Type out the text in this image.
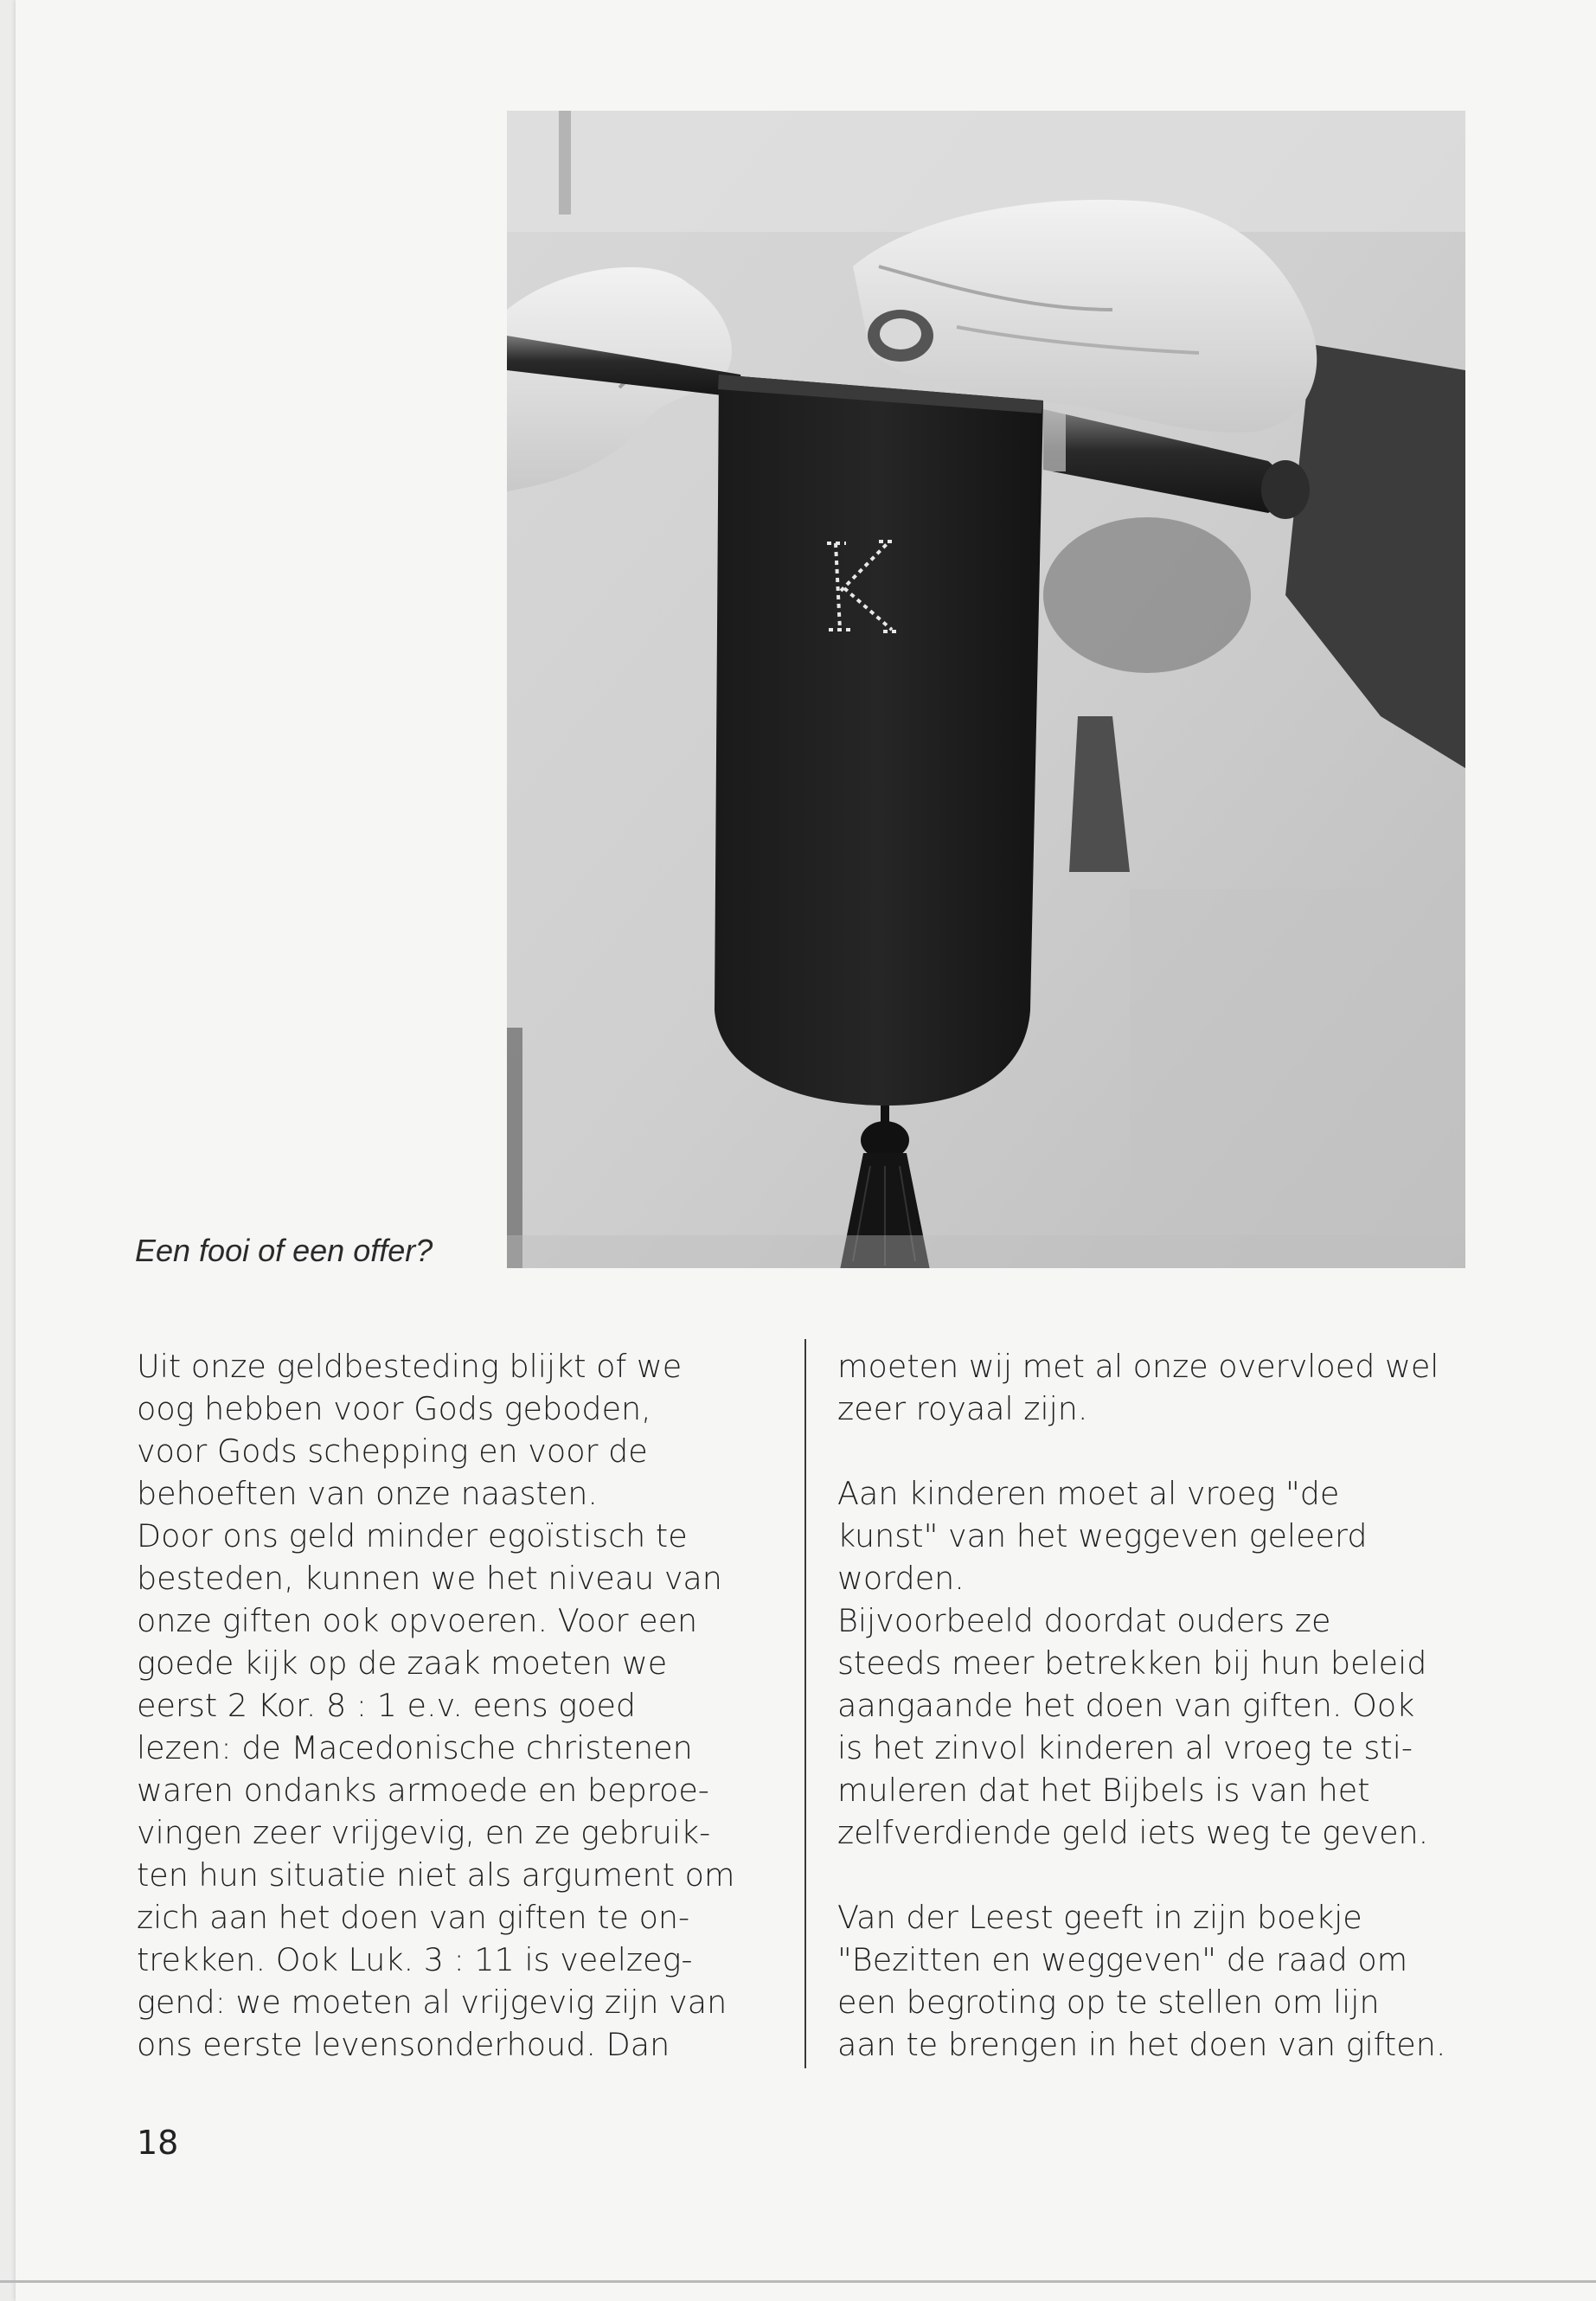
Een fooi of een offer?
Uit onze geldbesteding blijkt of we
oog hebben voor Gods geboden,
voor Gods schepping en voor de
behoeften van onze naasten.
Door ons geld minder egoïstisch te
besteden, kunnen we het niveau van
onze giften ook opvoeren. Voor een
goede kijk op de zaak moeten we
eerst 2 Kor. 8 : 1 e.v. eens goed
lezen: de Macedonische christenen
waren ondanks armoede en beproe-
vingen zeer vrijgevig, en ze gebruik-
ten hun situatie niet als argument om
zich aan het doen van giften te on-
trekken. Ook Luk. 3 : 11 is veelzeg-
gend: we moeten al vrijgevig zijn van
ons eerste levensonderhoud. Dan
moeten wij met al onze overvloed wel
zeer royaal zijn.
Aan kinderen moet al vroeg "de
kunst" van het weggeven geleerd
worden.
Bijvoorbeeld doordat ouders ze
steeds meer betrekken bij hun beleid
aangaande het doen van giften. Ook
is het zinvol kinderen al vroeg te sti-
muleren dat het Bijbels is van het
zelfverdiende geld iets weg te geven.
Van der Leest geeft in zijn boekje
"Bezitten en weggeven" de raad om
een begroting op te stellen om lijn
aan te brengen in het doen van giften.
18
